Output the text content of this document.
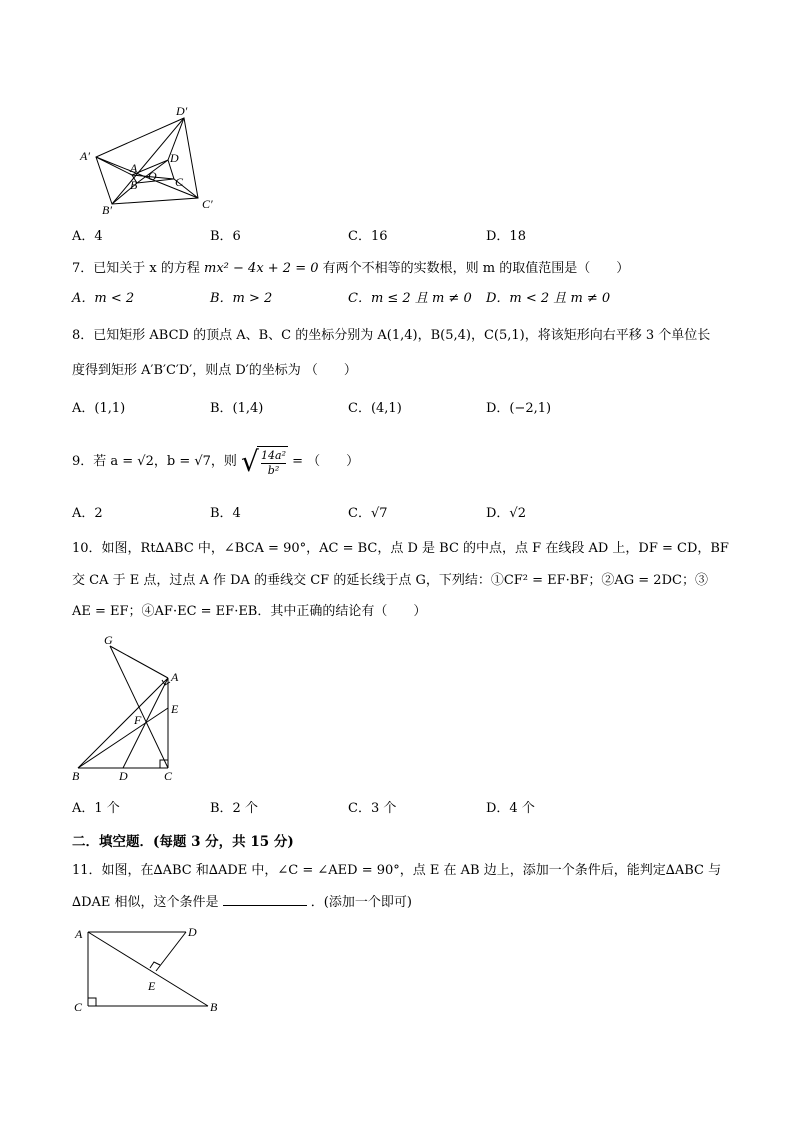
D′
A′
A
D
O
B	C
B′	C′
A．4	B．6	C．16	D．18
7．已知关于 x 的方程 mx² − 4x + 2 = 0 有两个不相等的实数根，则 m 的取值范围是（　　）
A．m < 2	B．m > 2	C．m ≤ 2 且 m ≠ 0 D．m < 2 且 m ≠ 0
8．已知矩形 ABCD 的顶点 A、B、C 的坐标分别为 A(1,4)，B(5,4)，C(5,1)，将该矩形向右平移 3 个单位长
度得到矩形 A′B′C′D′，则点 D′的坐标为 （　　）
A．(1,1)	B．(1,4)	C．(4,1)	D．(−2,1)
9．若 a = √2，b = √7，则 √
$\frac{\text{14a²}}{\text{b²}}$ = （　　）
A．2	B．4	C．√7	D．√2
10．如图，Rt∆ABC 中，∠BCA = 90°，AC = BC，点 D 是 BC 的中点，点 F 在线段 AD 上，DF = CD，BF
交 CA 于 E 点，过点 A 作 DA 的垂线交 CF 的延长线于点 G，下列结：①CF² = EF·BF；②AG = 2DC；③
AE = EF；④AF·EC = EF·EB．其中正确的结论有（　　）
G
A
E
F
B	D	C
A．1 个	B．2 个	C．3 个	D．4 个
二．填空题．(每题 3 分，共 15 分)
11．如图，在∆ABC 和∆ADE 中，∠C = ∠AED = 90°，点 E 在 AB 边上，添加一个条件后，能判定∆ABC 与
∆DAE 相似，这个条件是	．(添加一个即可)
A	D
E
C	B
